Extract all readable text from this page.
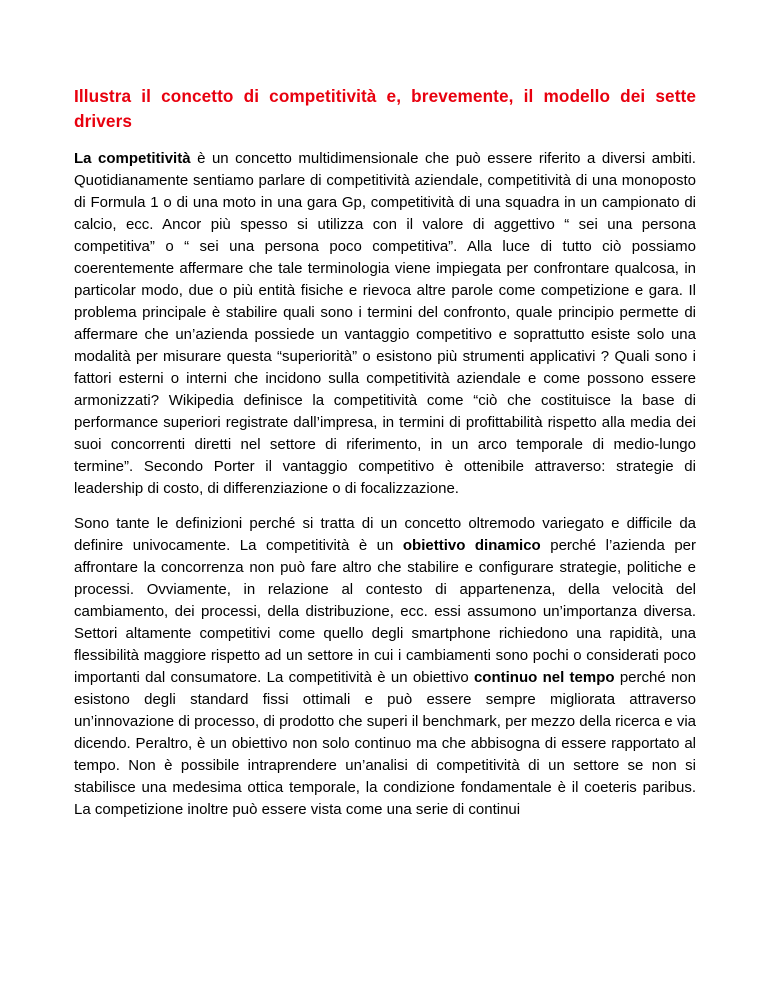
Illustra il concetto di competitività e, brevemente, il modello dei sette drivers

La competitività è un concetto multidimensionale che può essere riferito a diversi ambiti. Quotidianamente sentiamo parlare di competitività aziendale, competitività di una monoposto di Formula 1 o di una moto in una gara Gp, competitività di una squadra in un campionato di calcio, ecc. Ancor più spesso si utilizza con il valore di aggettivo “ sei una persona competitiva” o “ sei una persona poco competitiva”. Alla luce di tutto ciò possiamo coerentemente affermare che tale terminologia viene impiegata per confrontare qualcosa, in particolar modo, due o più entità fisiche e rievoca altre parole come competizione e gara. Il problema principale è stabilire quali sono i termini del confronto, quale principio permette di affermare che un’azienda possiede un vantaggio competitivo e soprattutto esiste solo una modalità per misurare questa “superiorità” o esistono più strumenti applicativi ? Quali sono i fattori esterni o interni che incidono sulla competitività aziendale e come possono essere armonizzati? Wikipedia definisce la competitività come “ciò che costituisce la base di performance superiori registrate dall’impresa, in termini di profittabilità rispetto alla media dei suoi concorrenti diretti nel settore di riferimento, in un arco temporale di medio-lungo termine”. Secondo Porter il vantaggio competitivo è ottenibile attraverso: strategie di leadership di costo, di differenziazione o di focalizzazione.

Sono tante le definizioni perché si tratta di un concetto oltremodo variegato e difficile da definire univocamente. La competitività è un obiettivo dinamico perché l’azienda per affrontare la concorrenza non può fare altro che stabilire e configurare strategie, politiche e processi. Ovviamente, in relazione al contesto di appartenenza, della velocità del cambiamento, dei processi, della distribuzione, ecc. essi assumono un’importanza diversa. Settori altamente competitivi come quello degli smartphone richiedono una rapidità, una flessibilità maggiore rispetto ad un settore in cui i cambiamenti sono pochi o considerati poco importanti dal consumatore. La competitività è un obiettivo continuo nel tempo perché non esistono degli standard fissi ottimali e può essere sempre migliorata attraverso un’innovazione di processo, di prodotto che superi il benchmark, per mezzo della ricerca e via dicendo. Peraltro, è un obiettivo non solo continuo ma che abbisogna di essere rapportato al tempo. Non è possibile intraprendere un’analisi di competitività di un settore se non si stabilisce una medesima ottica temporale, la condizione fondamentale è il coeteris paribus. La competizione inoltre può essere vista come una serie di continui
